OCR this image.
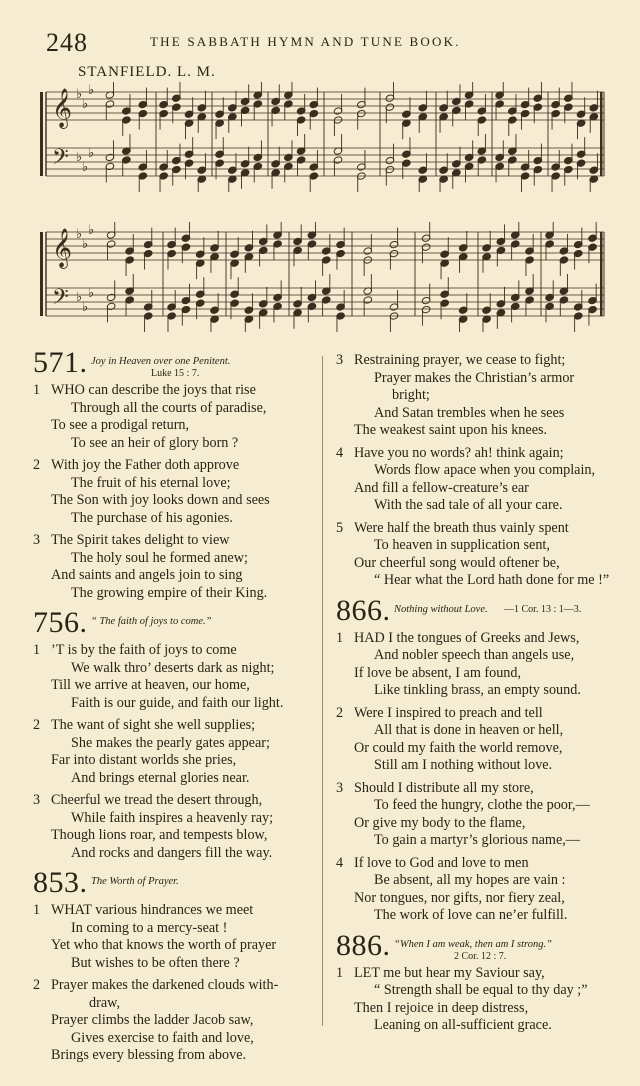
248	THE SABBATH HYMN AND TUNE BOOK.
STANFIELD. L. M.
𝄞 ♭
♭
♭
𝄢 ♭
♭
♭
𝄞 ♭
♭
♭
𝄢 ♭
♭
♭
571. Joy in Heaven over one Penitent.
Luke 15 : 7.
1 WHO can describe the joys that rise
Through all the courts of paradise,
To see a prodigal return,
To see an heir of glory born ?
2 With joy the Father doth approve
The fruit of his eternal love;
The Son with joy looks down and sees
The purchase of his agonies.
3 The Spirit takes delight to view
The holy soul he formed anew;
And saints and angels join to sing
The growing empire of their King.
756. “ The faith of joys to come.”
1 ’T is by the faith of joys to come
We walk thro’ deserts dark as night;
Till we arrive at heaven, our home,
Faith is our guide, and faith our light.
2 The want of sight she well supplies;
She makes the pearly gates appear;
Far into distant worlds she pries,
And brings eternal glories near.
3 Cheerful we tread the desert through,
While faith inspires a heavenly ray;
Though lions roar, and tempests blow,
And rocks and dangers fill the way.
853. The Worth of Prayer.
1 WHAT various hindrances we meet
In coming to a mercy-seat !
Yet who that knows the worth of prayer
But wishes to be often there ?
2 Prayer makes the darkened clouds with-
draw,
Prayer climbs the ladder Jacob saw,
Gives exercise to faith and love,
Brings every blessing from above.
3 Restraining prayer, we cease to fight;
Prayer makes the Christian’s armor
bright;
And Satan trembles when he sees
The weakest saint upon his knees.
4 Have you no words? ah! think again;
Words flow apace when you complain,
And fill a fellow-creature’s ear
With the sad tale of all your care.
5 Were half the breath thus vainly spent
To heaven in supplication sent,
Our cheerful song would oftener be,
“ Hear what the Lord hath done for me !”
866. Nothing without Love. —1 Cor. 13 : 1—3.
1 HAD I the tongues of Greeks and Jews,
And nobler speech than angels use,
If love be absent, I am found,
Like tinkling brass, an empty sound.
2 Were I inspired to preach and tell
All that is done in heaven or hell,
Or could my faith the world remove,
Still am I nothing without love.
3 Should I distribute all my store,
To feed the hungry, clothe the poor,—
Or give my body to the flame,
To gain a martyr’s glorious name,—
4 If love to God and love to men
Be absent, all my hopes are vain :
Nor tongues, nor gifts, nor fiery zeal,
The work of love can ne’er fulfill.
886. “When I am weak, then am I strong.”
2 Cor. 12 : 7.
1 LET me but hear my Saviour say,
“ Strength shall be equal to thy day ;”
Then I rejoice in deep distress,
Leaning on all-sufficient grace.
